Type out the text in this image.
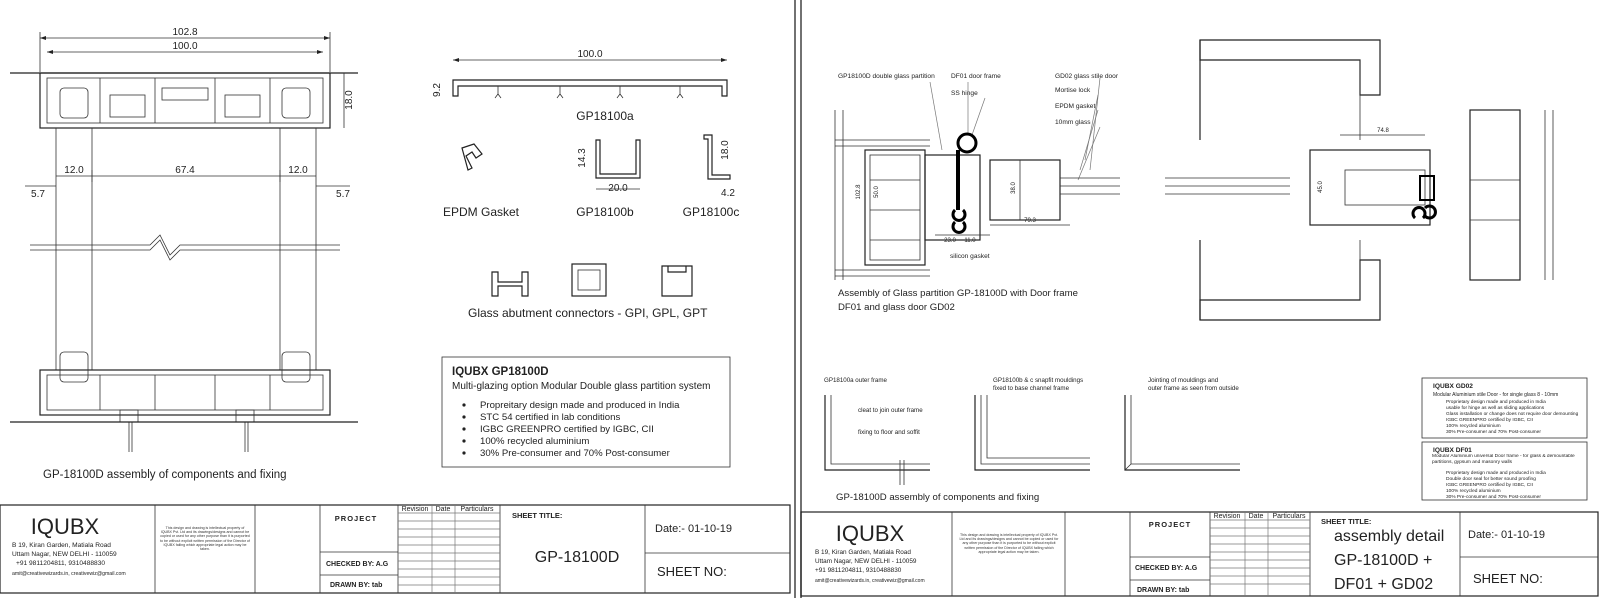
102.8
100.0
18.0
12.0	67.4	12.0
5.7	5.7
GP-18100D assembly of components and fixing
100.0
9.2
GP18100a
EPDM Gasket
14.3
20.0
GP18100b
18.0
4.2
GP18100c
Glass abutment connectors - GPI, GPL, GPT
IQUBX GP18100D
Multi-glazing option Modular Double glass partition system
Propreitary design made and produced in India
STC 54 certified in lab conditions
IGBC GREENPRO certified by IGBC, CII
100% recycled aluminium
30% Pre-consumer and 70% Post-consumer
IQUBX
B 19, Kiran Garden, Matiala Road
Uttam Nagar, NEW DELHI - 110059
+91 9811204811, 9310488830
amit@creativewizards.in, creativewiz@gmail.com
This design and drawing is intellectual property of IQUBX Pvt. Ltd and its drawings/designs and cannot be copied or used for any other purpose than it is purported to be without explicit written permission of the Director of IQUBX failing which appropriate legal action may be taken.
PROJECT
Revision Date Particulars
CHECKED BY: A.G
DRAWN BY: tab
SHEET TITLE:
GP-18100D
Date:- 01-10-19
SHEET NO:
GP18100D double glass partition DF01 door frame
SS hinge
GD02 glass stile door
Mortise lock
EPDM gasket
10mm glass
silicon gasket
102.8 50.0	38.0
23.0 11.0
79.3
74.8
45.0
Assembly of Glass partition GP-18100D with Door frame
DF01 and glass door GD02
GP18100a outer frame
cleat to join outer frame
fixing to floor and soffit
GP18100b & c snapfit mouldings
fixed to base channel frame
Jointing of mouldings and
outer frame as seen from outside
GP-18100D assembly of components and fixing
IQUBX GD02
Modular Aluminium stile Door - for single glass 8 - 10mm
Proprietary design made and produced in India
usable for hinge as well as sliding applications
Glass installation or change does not require door demounting
IGBC GREENPRO certified by IGBC, CII
100% recycled aluminium
30% Pre-consumer and 70% Post-consumer
IQUBX DF01
Modular Aluminium universal Door frame - for glass & demountable partitions, gypsum and masonry walls
Proprietary design made and produced in India
Double door seal for better sound proofing
IGBC GREENPRO certified by IGBC, CII
100% recycled aluminium
30% Pre-consumer and 70% Post-consumer
IQUBX
B 19, Kiran Garden, Matiala Road
Uttam Nagar, NEW DELHI - 110059
+91 9811204811, 9310488830
amit@creativewizards.in, creativewiz@gmail.com
This design and drawing is intellectual property of IQUBX Pvt. Ltd and its drawings/designs and cannot be copied or used for any other purpose than it is purported to be without explicit written permission of the Director of IQUBX failing which appropriate legal action may be taken.
PROJECT
Revision Date Particulars
CHECKED BY: A.G
DRAWN BY: tab
SHEET TITLE:
assembly detail
GP-18100D +
DF01 + GD02
Date:- 01-10-19
SHEET NO:
